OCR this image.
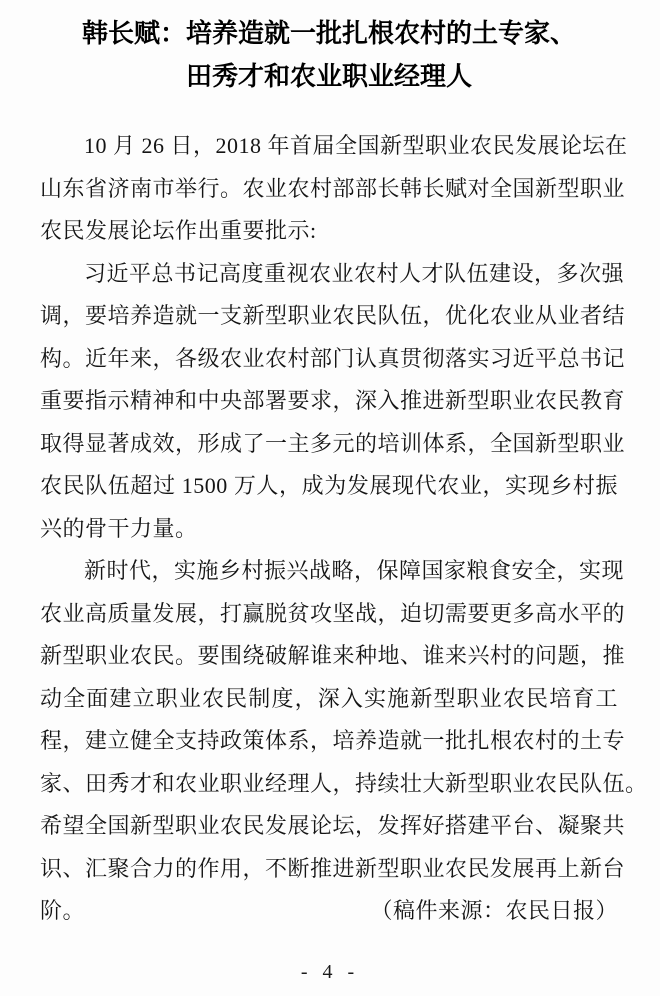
韩长赋：培养造就一批扎根农村的土专家、
田秀才和农业职业经理人
10 月 26 日，2018 年首届全国新型职业农民发展论坛在
山东省济南市举行。农业农村部部长韩长赋对全国新型职业
农民发展论坛作出重要批示:
习近平总书记高度重视农业农村人才队伍建设，多次强
调，要培养造就一支新型职业农民队伍，优化农业从业者结
构。近年来，各级农业农村部门认真贯彻落实习近平总书记
重要指示精神和中央部署要求，深入推进新型职业农民教育
取得显著成效，形成了一主多元的培训体系，全国新型职业
农民队伍超过 1500 万人，成为发展现代农业，实现乡村振
兴的骨干力量。
新时代，实施乡村振兴战略，保障国家粮食安全，实现
农业高质量发展，打赢脱贫攻坚战，迫切需要更多高水平的
新型职业农民。要围绕破解谁来种地、谁来兴村的问题，推
动全面建立职业农民制度，深入实施新型职业农民培育工
程，建立健全支持政策体系，培养造就一批扎根农村的土专
家、田秀才和农业职业经理人，持续壮大新型职业农民队伍。
希望全国新型职业农民发展论坛，发挥好搭建平台、凝聚共
识、汇聚合力的作用，不断推进新型职业农民发展再上新台
阶。	（稿件来源：农民日报）
- 4 -
